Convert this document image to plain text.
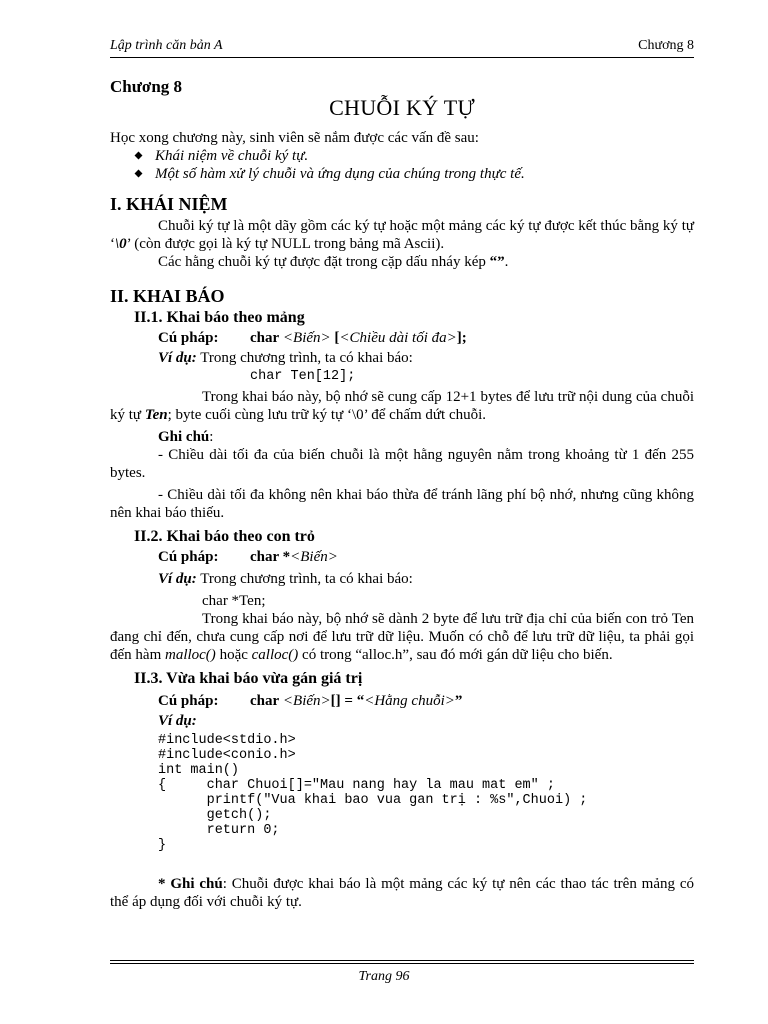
Lập trình căn bản A	Chương 8
Chương 8
CHUỖI KÝ TỰ

Học xong chương này, sinh viên sẽ nắm được các vấn đề sau:

Khái niệm về chuỗi ký tự.
Một số hàm xử lý chuỗi và ứng dụng của chúng trong thực tế.
I. KHÁI NIỆM

Chuỗi ký tự là một dãy gồm các ký tự hoặc một mảng các ký tự được kết thúc bằng ký tự ‘\0’ (còn được gọi là ký tự NULL trong bảng mã Ascii).

Các hằng chuỗi ký tự được đặt trong cặp dấu nháy kép “”.

II. KHAI BÁO
II.1. Khai báo theo mảng
Cú pháp: char <Biến> [<Chiều dài tối đa>];
Ví dụ: Trong chương trình, ta có khai báo:
char Ten[12];

Trong khai báo này, bộ nhớ sẽ cung cấp 12+1 bytes để lưu trữ nội dung của chuỗi ký tự Ten; byte cuối cùng lưu trữ ký tự ‘\0’ để chấm dứt chuỗi.

Ghi chú:

- Chiều dài tối đa của biến chuỗi là một hằng nguyên nằm trong khoảng từ 1 đến 255 bytes.

- Chiều dài tối đa không nên khai báo thừa để tránh lãng phí bộ nhớ, nhưng cũng không nên khai báo thiếu.

II.2. Khai báo theo con trỏ
Cú pháp: char *<Biến>
Ví dụ: Trong chương trình, ta có khai báo:
char *Ten;

Trong khai báo này, bộ nhớ sẽ dành 2 byte để lưu trữ địa chỉ của biến con trỏ Ten đang chỉ đến, chưa cung cấp nơi để lưu trữ dữ liệu. Muốn có chỗ để lưu trữ dữ liệu, ta phải gọi đến hàm malloc() hoặc calloc() có trong “alloc.h”, sau đó mới gán dữ liệu cho biến.

II.3. Vừa khai báo vừa gán giá trị
Cú pháp: char <Biến>[] = “<Hằng chuỗi>”
Ví dụ:
#include<stdio.h>
#include<conio.h>
int main()
{     char Chuoi[]="Mau nang hay la mau mat em" ;
printf("Vua khai bao vua gan trị : %s",Chuoi) ;
getch();
return 0;
}

* Ghi chú: Chuỗi được khai báo là một mảng các ký tự nên các thao tác trên mảng có thể áp dụng đối với chuỗi ký tự.

Trang 96
